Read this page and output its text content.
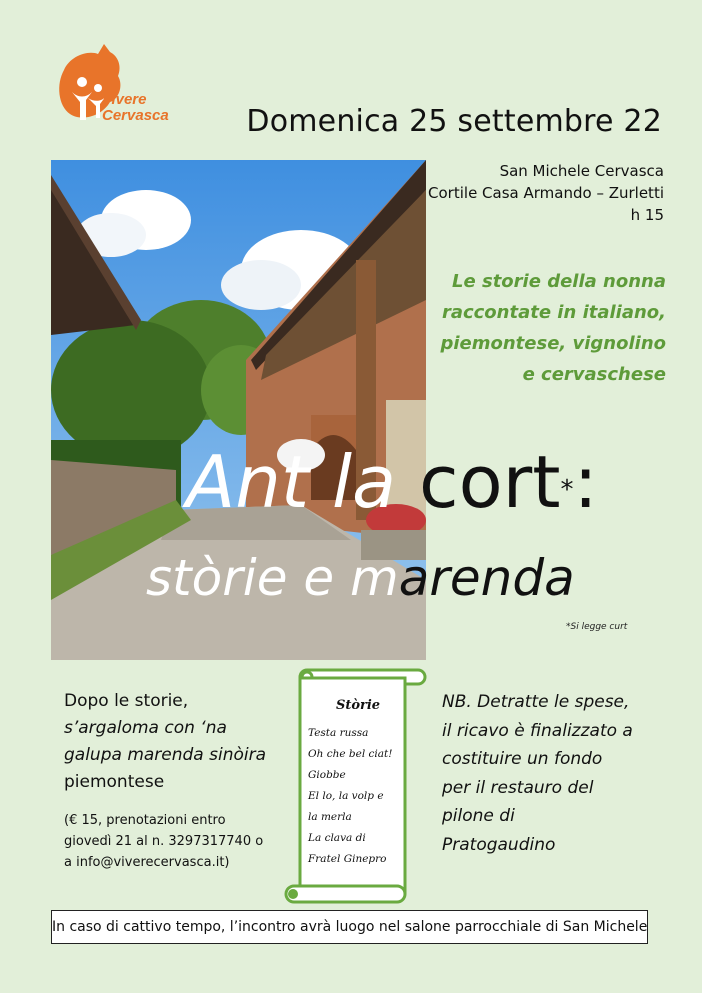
Vivere
Cervasca	Domenica 25 settembre 22
San Michele Cervasca
Cortile Casa Armando – Zurletti
h 15
Le storie della nonna
raccontate in italiano,
piemontese, vignolino
e cervaschese
Ant la cort*:
stòrie e marenda
*Si legge curt
Dopo le storie,
s’argaloma con ‘na
galupa marenda sinòira
piemontese
(€ 15, prenotazioni entro
giovedì 21 al n. 3297317740 o
a info@viverecervasca.it)
Stòrie
Testa russa
Oh che bel ciat!
Giobbe
El lo, la volp e
la merla
La clava di
Fratel Ginepro
NB. Detratte le spese,
il ricavo è finalizzato a
costituire un fondo
per il restauro del
pilone di
Pratogaudino
In caso di cattivo tempo, l’incontro avrà luogo nel salone parrocchiale di San Michele
